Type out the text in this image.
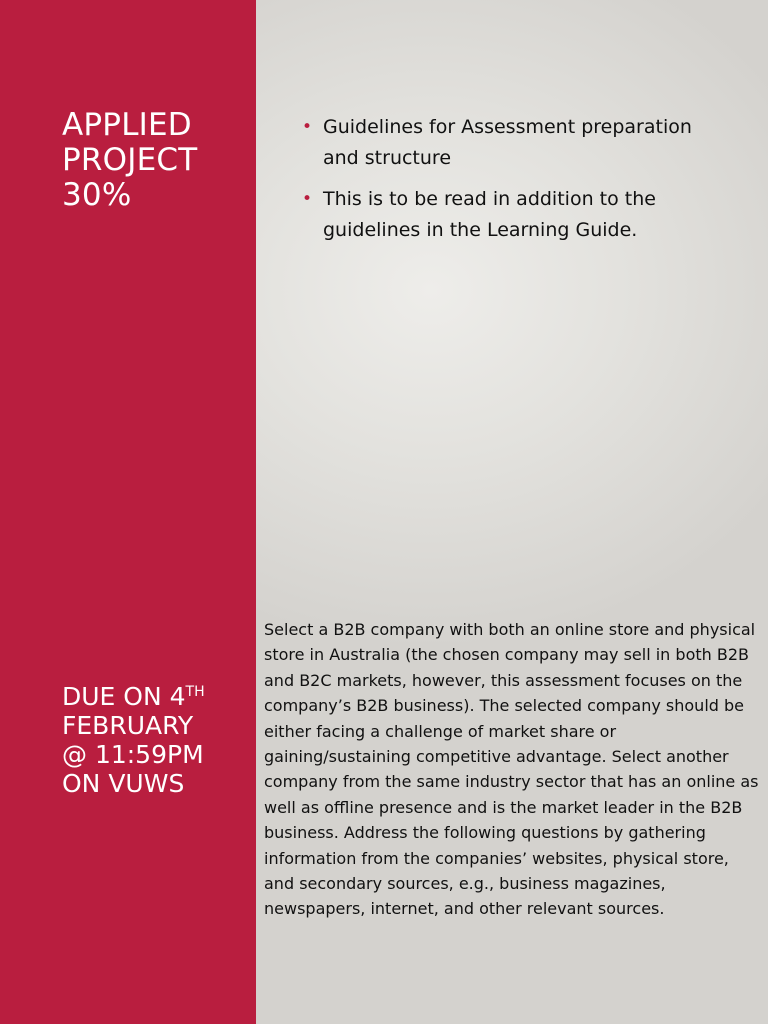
APPLIED
PROJECT
30%
DUE ON 4TH
FEBRUARY
@ 11:59PM
ON VUWS
• Guidelines for Assessment preparation and structure
• This is to be read in addition to the guidelines in the Learning Guide.

Select a B2B company with both an online store and physical store in Australia (the chosen company may sell in both B2B and B2C markets, however, this assessment focuses on the company’s B2B business). The selected company should be either facing a challenge of market share or gaining/sustaining competitive advantage. Select another company from the same industry sector that has an online as well as offline presence and is the market leader in the B2B business. Address the following questions by gathering information from the companies’ websites, physical store, and secondary sources, e.g., business magazines, newspapers, internet, and other relevant sources.
